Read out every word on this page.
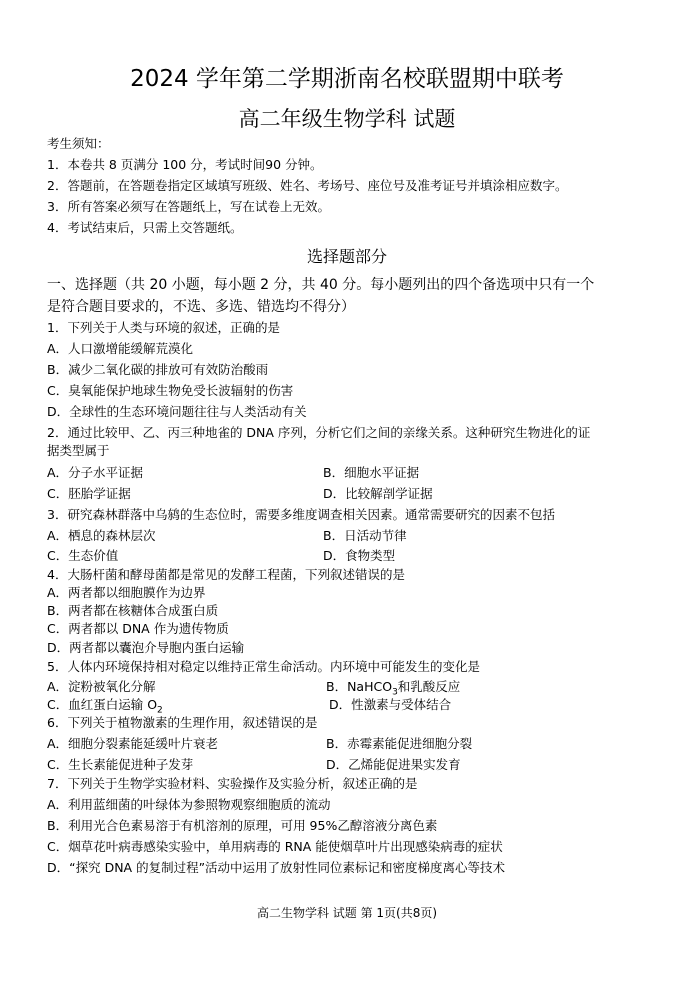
2024 学年第二学期浙南名校联盟期中联考
高二年级生物学科 试题

考生须知：

1．本卷共 8 页满分 100 分，考试时间90 分钟。

2．答题前，在答题卷指定区域填写班级、姓名、考场号、座位号及准考证号并填涂相应数字。

3．所有答案必须写在答题纸上，写在试卷上无效。

4．考试结束后，只需上交答题纸。

选择题部分

一、选择题（共 20 小题，每小题 2 分，共 40 分。每小题列出的四个备选项中只有一个

是符合题目要求的，不选、多选、错选均不得分）

1．下列关于人类与环境的叙述，正确的是

A．人口激增能缓解荒漠化

B．减少二氧化碳的排放可有效防治酸雨

C．臭氧能保护地球生物免受长波辐射的伤害

D．全球性的生态环境问题往往与人类活动有关

2．通过比较甲、乙、丙三种地雀的 DNA 序列，分析它们之间的亲缘关系。这种研究生物进化的证

据类型属于

A．分子水平证据	B．细胞水平证据

C．胚胎学证据	D．比较解剖学证据

3．研究森林群落中乌鸫的生态位时，需要多维度调查相关因素。通常需要研究的因素不包括

A．栖息的森林层次	B．日活动节律

C．生态价值	D．食物类型

4．大肠杆菌和酵母菌都是常见的发酵工程菌，下列叙述错误的是

A．两者都以细胞膜作为边界

B．两者都在核糖体合成蛋白质

C．两者都以 DNA 作为遗传物质

D．两者都以囊泡介导胞内蛋白运输

5．人体内环境保持相对稳定以维持正常生命活动。内环境中可能发生的变化是

A．淀粉被氧化分解	B．NaHCO$_3$和乳酸反应

C．血红蛋白运输 $O_2$	D．性激素与受体结合

6．下列关于植物激素的生理作用，叙述错误的是

A．细胞分裂素能延缓叶片衰老	B．赤霉素能促进细胞分裂

C．生长素能促进种子发芽	D．乙烯能促进果实发育

7．下列关于生物学实验材料、实验操作及实验分析，叙述正确的是

A．利用蓝细菌的叶绿体为参照物观察细胞质的流动

B．利用光合色素易溶于有机溶剂的原理，可用 95%乙醇溶液分离色素

C．烟草花叶病毒感染实验中，单用病毒的 RNA 能使烟草叶片出现感染病毒的症状

D．“探究 DNA 的复制过程”活动中运用了放射性同位素标记和密度梯度离心等技术

高二生物学科 试题 第 1页(共8页)
